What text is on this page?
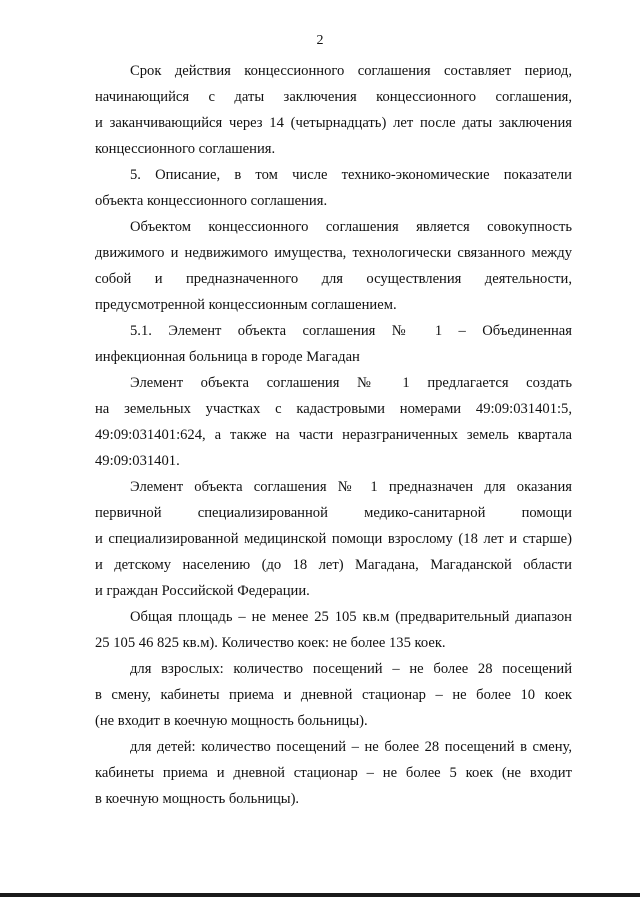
2
Срок действия концессионного соглашения составляет период,
начинающийся с даты заключения концессионного соглашения,
и заканчивающийся через 14 (четырнадцать) лет после даты заключения
концессионного соглашения.
5. Описание, в том числе технико-экономические показатели
объекта концессионного соглашения.
Объектом концессионного соглашения является совокупность
движимого и недвижимого имущества, технологически связанного между
собой и предназначенного для осуществления деятельности,
предусмотренной концессионным соглашением.
5.1. Элемент объекта соглашения № 1 – Объединенная
инфекционная больница в городе Магадан
Элемент объекта соглашения № 1 предлагается создать
на земельных участках с кадастровыми номерами 49:09:031401:5,
49:09:031401:624, а также на части неразграниченных земель квартала
49:09:031401.
Элемент объекта соглашения № 1 предназначен для оказания
первичной специализированной медико-санитарной помощи
и специализированной медицинской помощи взрослому (18 лет и старше)
и детскому населению (до 18 лет) Магадана, Магаданской области
и граждан Российской Федерации.
Общая площадь – не менее 25 105 кв.м (предварительный диапазон
25 105 46 825 кв.м). Количество коек: не более 135 коек.
для взрослых: количество посещений – не более 28 посещений
в смену, кабинеты приема и дневной стационар – не более 10 коек
(не входит в коечную мощность больницы).
для детей: количество посещений – не более 28 посещений в смену,
кабинеты приема и дневной стационар – не более 5 коек (не входит
в коечную мощность больницы).
